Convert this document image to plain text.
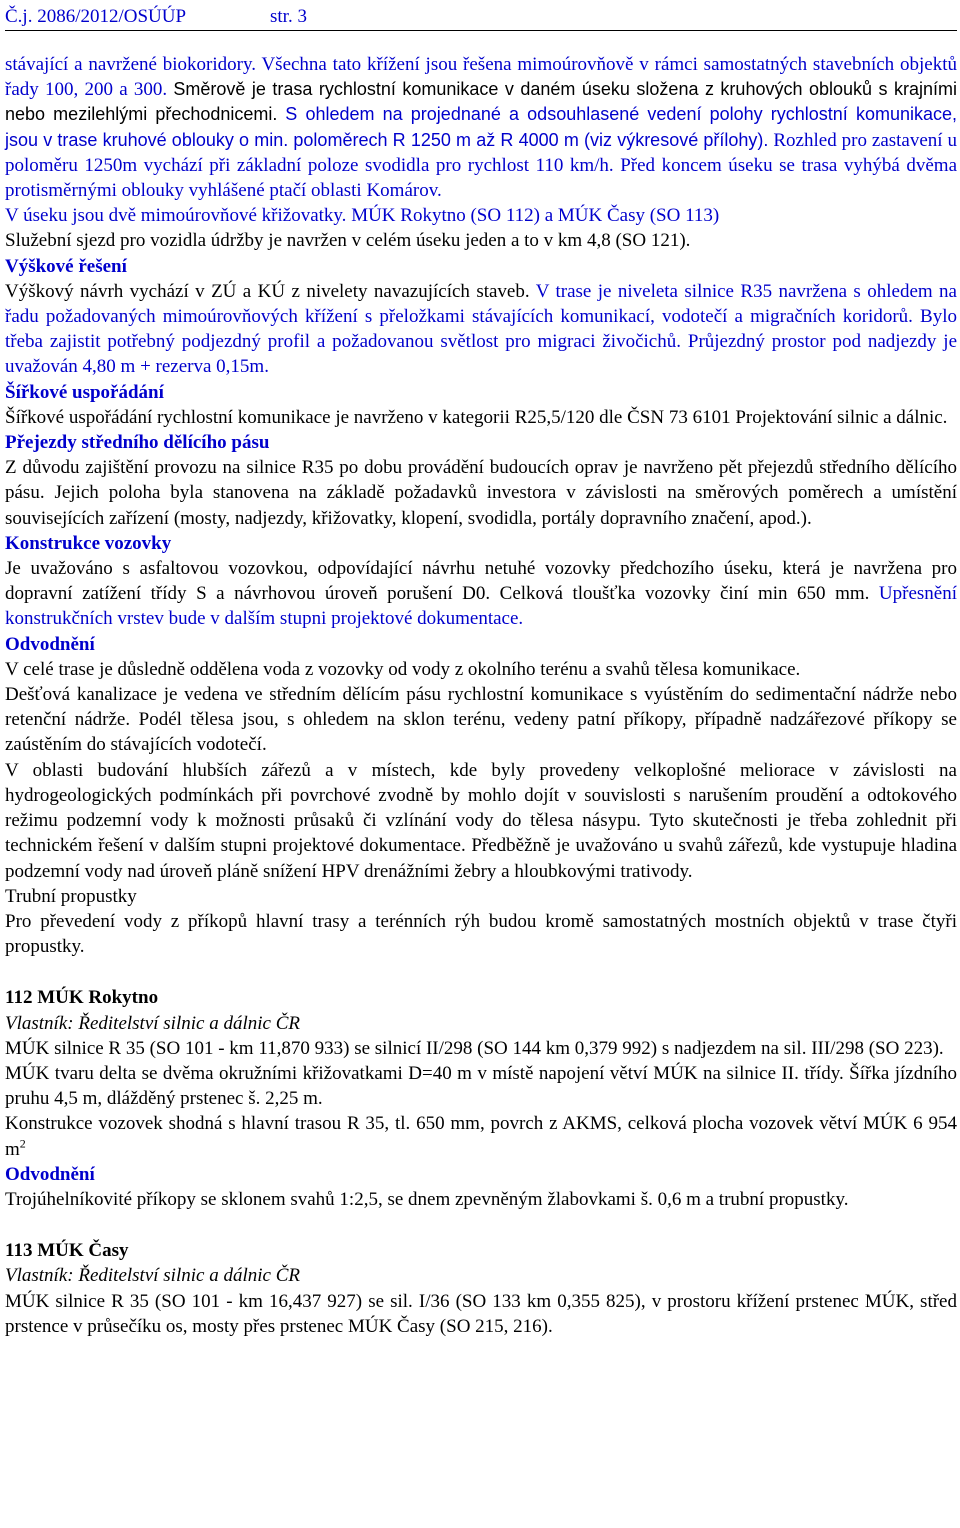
Č.j. 2086/2012/OSÚÚP	str. 3

stávající a navržené biokoridory. Všechna tato křížení jsou řešena mimoúrovňově v rámci samostatných stavebních objektů řady 100, 200 a 300. Směrově je trasa rychlostní komunikace v daném úseku složena z kruhových oblouků s krajními nebo mezilehlými přechodnicemi. S ohledem na projednané a odsouhlasené vedení polohy rychlostní komunikace, jsou v trase kruhové oblouky o min. poloměrech R 1250 m až R 4000 m (viz výkresové přílohy). Rozhled pro zastavení u poloměru 1250m vychází při základní poloze svodidla pro rychlost 110 km/h. Před koncem úseku se trasa vyhýbá dvěma protisměrnými oblouky vyhlášené ptačí oblasti Komárov.

V úseku jsou dvě mimoúrovňové křižovatky. MÚK Rokytno (SO 112) a MÚK Časy (SO 113)

Služební sjezd pro vozidla údržby je navržen v celém úseku jeden a to v km 4,8 (SO 121).

Výškové řešení

Výškový návrh vychází v ZÚ a KÚ z nivelety navazujících staveb. V trase je niveleta silnice R35 navržena s ohledem na řadu požadovaných mimoúrovňových křížení s přeložkami stávajících komunikací, vodotečí a migračních koridorů. Bylo třeba zajistit potřebný podjezdný profil a požadovanou světlost pro migraci živočichů. Průjezdný prostor pod nadjezdy je uvažován 4,80 m + rezerva 0,15m.

Šířkové uspořádání

Šířkové uspořádání rychlostní komunikace je navrženo v kategorii R25,5/120 dle ČSN 73 6101 Projektování silnic a dálnic.

Přejezdy středního dělícího pásu

Z důvodu zajištění provozu na silnice R35 po dobu provádění budoucích oprav je navrženo pět přejezdů středního dělícího pásu. Jejich poloha byla stanovena na základě požadavků investora v závislosti na směrových poměrech a umístění souvisejících zařízení (mosty, nadjezdy, křižovatky, klopení, svodidla, portály dopravního značení, apod.).

Konstrukce vozovky

Je uvažováno s asfaltovou vozovkou, odpovídající návrhu netuhé vozovky předchozího úseku, která je navržena pro dopravní zatížení třídy S a návrhovou úroveň porušení D0. Celková tloušťka vozovky činí min 650 mm. Upřesnění konstrukčních vrstev bude v dalším stupni projektové dokumentace.

Odvodnění

V celé trase je důsledně oddělena voda z vozovky od vody z okolního terénu a svahů tělesa komunikace.

Dešťová kanalizace je vedena ve středním dělícím pásu rychlostní komunikace s vyústěním do sedimentační nádrže nebo retenční nádrže. Podél tělesa jsou, s ohledem na sklon terénu, vedeny patní příkopy, případně nadzářezové příkopy se zaústěním do stávajících vodotečí.

V oblasti budování hlubších zářezů a v místech, kde byly provedeny velkoplošné meliorace v závislosti na hydrogeologických podmínkách při povrchové zvodně by mohlo dojít v souvislosti s narušením proudění a odtokového režimu podzemní vody k možnosti průsaků či vzlínání vody do tělesa násypu. Tyto skutečnosti je třeba zohlednit při technickém řešení v dalším stupni projektové dokumentace. Předběžně je uvažováno u svahů zářezů, kde vystupuje hladina podzemní vody nad úroveň pláně snížení HPV drenážními žebry a hloubkovými trativody.

Trubní propustky

Pro převedení vody z příkopů hlavní trasy a terénních rýh budou kromě samostatných mostních objektů v trase čtyři propustky.

112 MÚK Rokytno

Vlastník: Ředitelství silnic a dálnic ČR

MÚK silnice R 35 (SO 101 - km 11,870 933) se silnicí II/298 (SO 144 km 0,379 992) s nadjezdem na sil. III/298 (SO 223).

MÚK tvaru delta se dvěma okružními křižovatkami D=40 m v místě napojení větví MÚK na silnice II. třídy. Šířka jízdního pruhu 4,5 m, dlážděný prstenec š. 2,25 m.

Konstrukce vozovek shodná s hlavní trasou R 35, tl. 650 mm, povrch z AKMS, celková plocha vozovek větví MÚK 6 954 $m^2$

Odvodnění

Trojúhelníkovité příkopy se sklonem svahů 1:2,5, se dnem zpevněným žlabovkami š. 0,6 m a trubní propustky.

113 MÚK Časy

Vlastník: Ředitelství silnic a dálnic ČR

MÚK silnice R 35 (SO 101 - km 16,437 927) se sil. I/36 (SO 133 km 0,355 825), v prostoru křížení prstenec MÚK, střed prstence v průsečíku os, mosty přes prstenec MÚK Časy (SO 215, 216).
